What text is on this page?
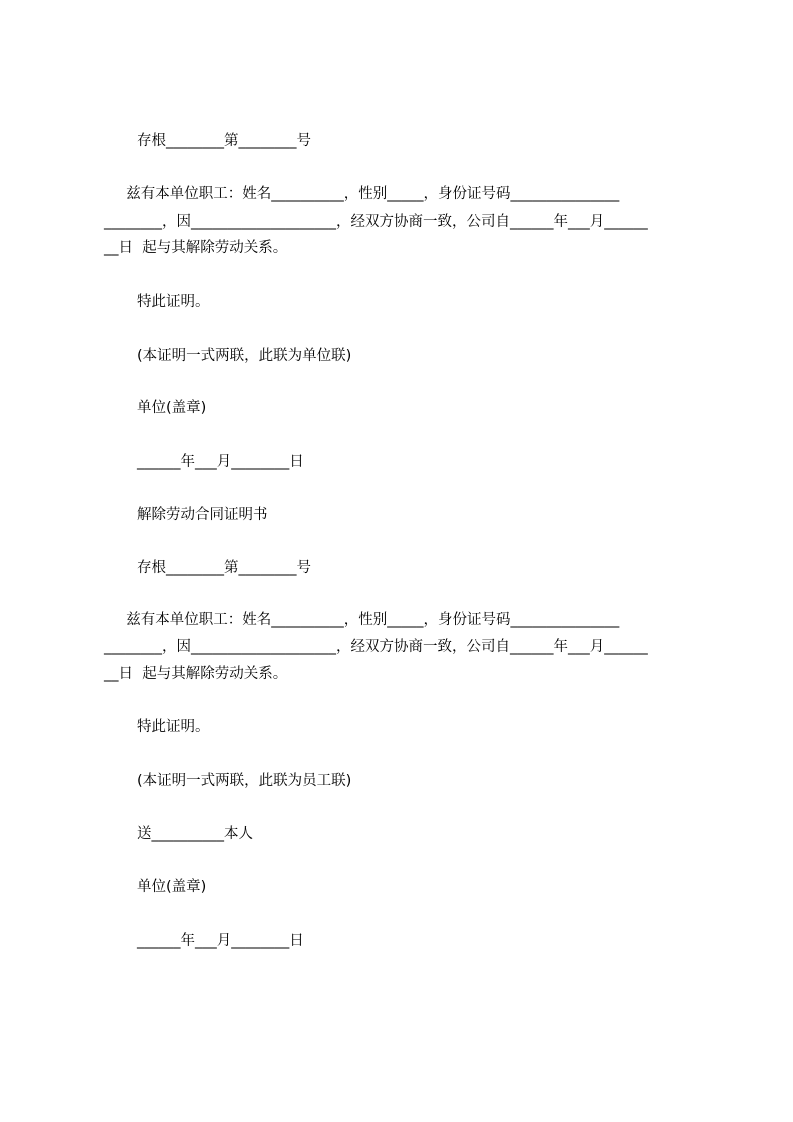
存根________第________号
兹有本单位职工：姓名__________，性别_____，身份证号码_______________
________，因____________________，经双方协商一致，公司自______年___月______
__日  起与其解除劳动关系。
特此证明。
(本证明一式两联，此联为单位联)
单位(盖章)
______年___月________日
解除劳动合同证明书
存根________第________号
兹有本单位职工：姓名__________，性别_____，身份证号码_______________
________，因____________________，经双方协商一致，公司自______年___月______
__日  起与其解除劳动关系。
特此证明。
(本证明一式两联，此联为员工联)
送__________本人
单位(盖章)
______年___月________日
